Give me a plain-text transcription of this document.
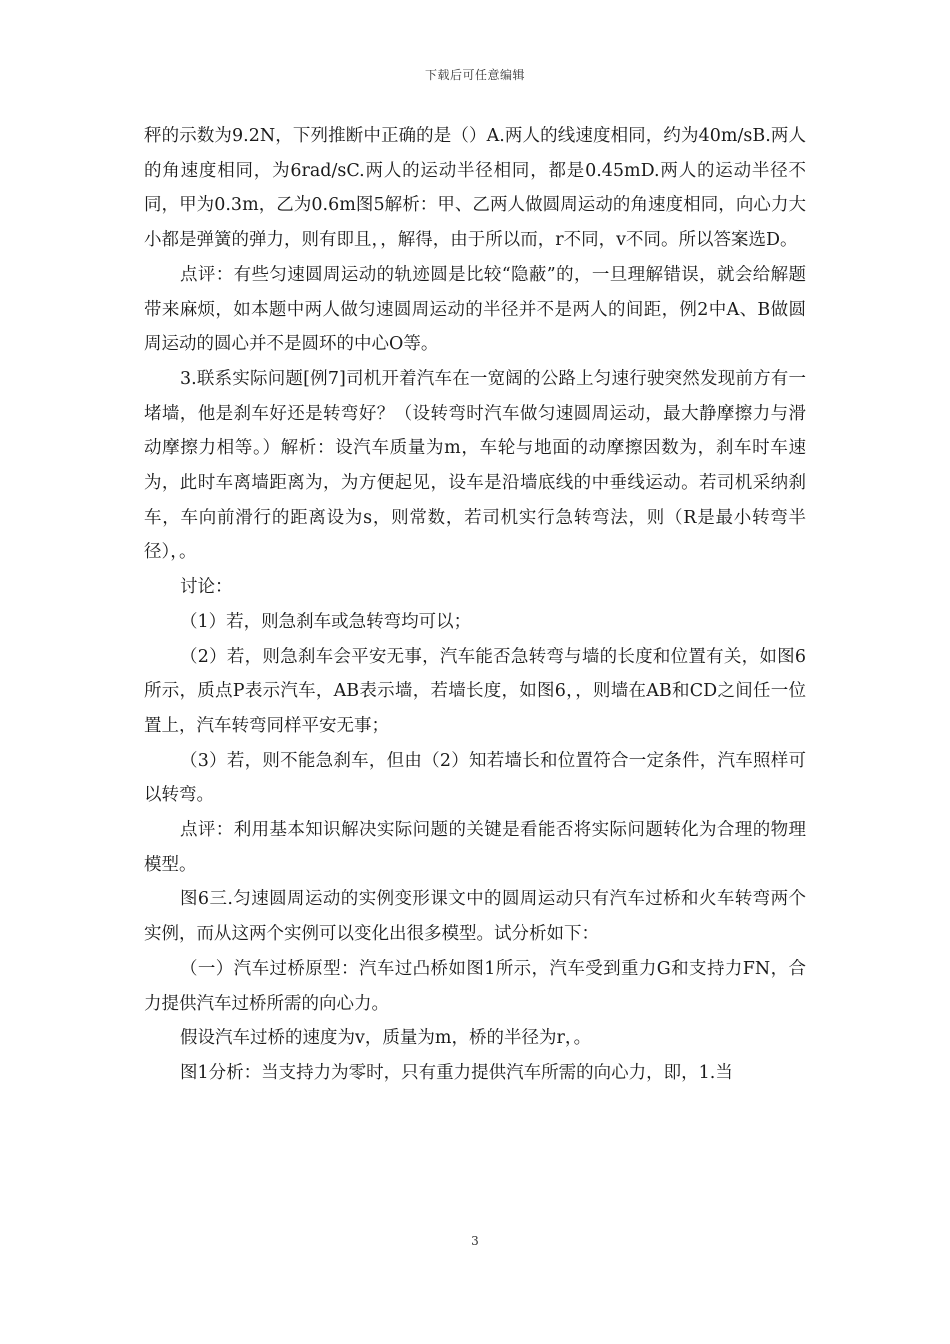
下载后可任意编辑

秤的示数为9.2N，下列推断中正确的是（）A.两人的线速度相同，约为40m/sB.两人的角速度相同，为6rad/sC.两人的运动半径相同，都是0.45mD.两人的运动半径不同，甲为0.3m，乙为0.6m图5解析：甲、乙两人做圆周运动的角速度相同，向心力大小都是弹簧的弹力，则有即且，，解得，由于所以而，r不同，v不同。所以答案选D。

点评：有些匀速圆周运动的轨迹圆是比较“隐蔽”的，一旦理解错误，就会给解题带来麻烦，如本题中两人做匀速圆周运动的半径并不是两人的间距，例2中A、B做圆周运动的圆心并不是圆环的中心O等。

3.联系实际问题[例7]司机开着汽车在一宽阔的公路上匀速行驶突然发现前方有一堵墙，他是刹车好还是转弯好？（设转弯时汽车做匀速圆周运动，最大静摩擦力与滑动摩擦力相等。）解析：设汽车质量为m，车轮与地面的动摩擦因数为，刹车时车速为，此时车离墙距离为，为方便起见，设车是沿墙底线的中垂线运动。若司机采纳刹车，车向前滑行的距离设为s，则常数，若司机实行急转弯法，则（R是最小转弯半径），。

讨论：

（1）若，则急刹车或急转弯均可以；

（2）若，则急刹车会平安无事，汽车能否急转弯与墙的长度和位置有关，如图6所示，质点P表示汽车，AB表示墙，若墙长度，如图6，，则墙在AB和CD之间任一位置上，汽车转弯同样平安无事；

（3）若，则不能急刹车，但由（2）知若墙长和位置符合一定条件，汽车照样可以转弯。

点评：利用基本知识解决实际问题的关键是看能否将实际问题转化为合理的物理模型。

图6三.匀速圆周运动的实例变形课文中的圆周运动只有汽车过桥和火车转弯两个实例，而从这两个实例可以变化出很多模型。试分析如下：

（一）汽车过桥原型：汽车过凸桥如图1所示，汽车受到重力G和支持力FN，合力提供汽车过桥所需的向心力。

假设汽车过桥的速度为v，质量为m，桥的半径为r，。

图1分析：当支持力为零时，只有重力提供汽车所需的向心力，即，1.当

3
